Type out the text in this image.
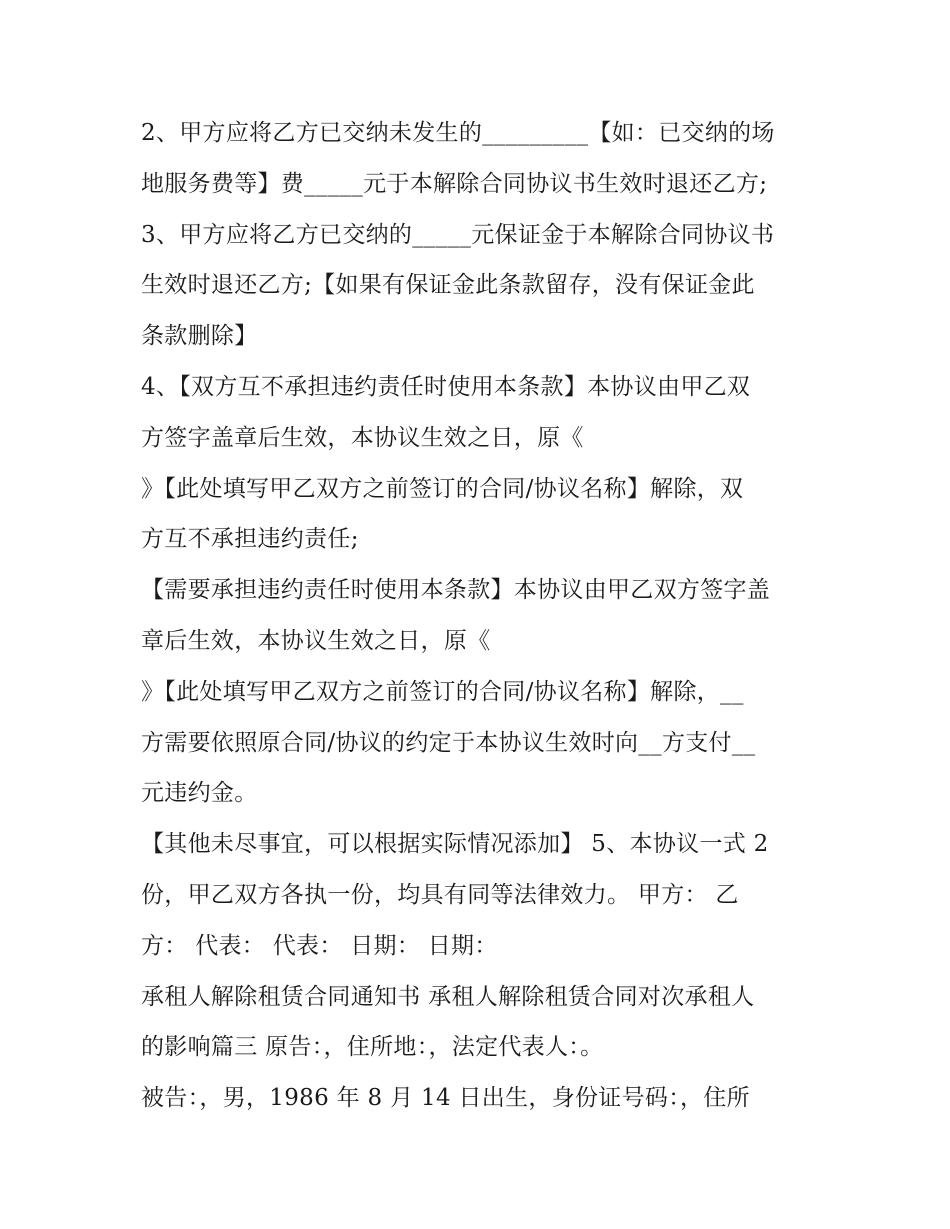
2、甲方应将乙方已交纳未发生的_________【如：已交纳的场
地服务费等】费_____元于本解除合同协议书生效时退还乙方;
3、甲方应将乙方已交纳的_____元保证金于本解除合同协议书
生效时退还乙方;【如果有保证金此条款留存，没有保证金此
条款删除】
4、【双方互不承担违约责任时使用本条款】本协议由甲乙双
方签字盖章后生效，本协议生效之日，原《
》【此处填写甲乙双方之前签订的合同/协议名称】解除，双
方互不承担违约责任;
【需要承担违约责任时使用本条款】本协议由甲乙双方签字盖
章后生效，本协议生效之日，原《
》【此处填写甲乙双方之前签订的合同/协议名称】解除，__
方需要依照原合同/协议的约定于本协议生效时向__方支付__
元违约金。
【其他未尽事宜，可以根据实际情况添加】 5、本协议一式 2
份，甲乙双方各执一份，均具有同等法律效力。 甲方： 乙
方： 代表： 代表： 日期： 日期：
承租人解除租赁合同通知书 承租人解除租赁合同对次承租人
的影响篇三 原告：，住所地：，法定代表人：。
被告：，男，1986 年 8 月 14 日出生，身份证号码：，住所
